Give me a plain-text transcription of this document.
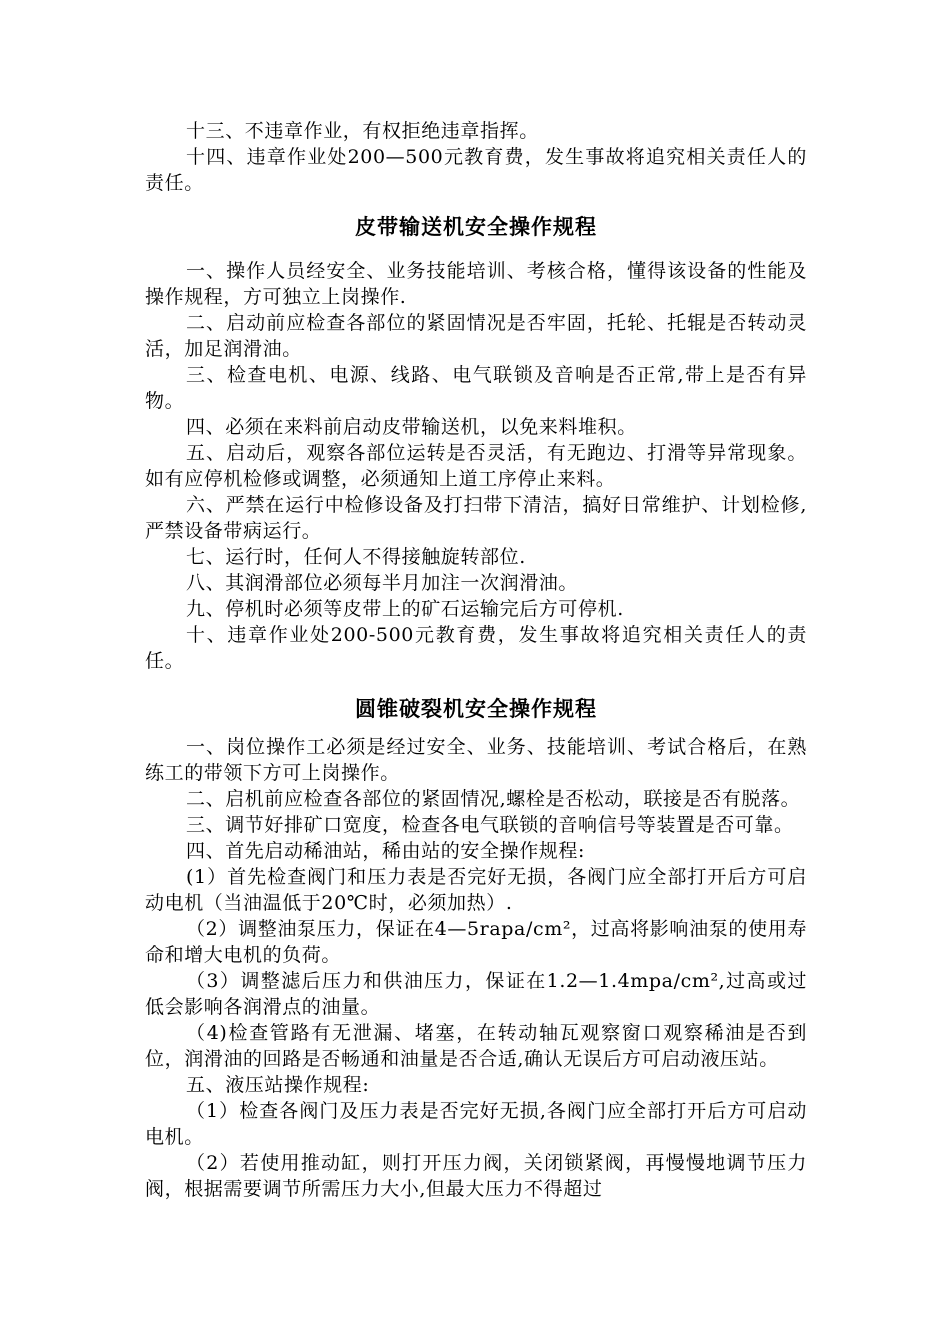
十三、不违章作业，有权拒绝违章指挥。

十四、违章作业处200—500元教育费，发生事故将追究相关责任人的责任。

皮带输送机安全操作规程

一、操作人员经安全、业务技能培训、考核合格，懂得该设备的性能及操作规程，方可独立上岗操作.

二、启动前应检查各部位的紧固情况是否牢固，托轮、托辊是否转动灵活，加足润滑油。

三、检查电机、电源、线路、电气联锁及音响是否正常,带上是否有异物。

四、必须在来料前启动皮带输送机，以免来料堆积。

五、启动后，观察各部位运转是否灵活，有无跑边、打滑等异常现象。如有应停机检修或调整，必须通知上道工序停止来料。

六、严禁在运行中检修设备及打扫带下清洁，搞好日常维护、计划检修,严禁设备带病运行。

七、运行时，任何人不得接触旋转部位.

八、其润滑部位必须每半月加注一次润滑油。

九、停机时必须等皮带上的矿石运输完后方可停机.

十、违章作业处200-500元教育费，发生事故将追究相关责任人的责任。

圆锥破裂机安全操作规程

一、岗位操作工必须是经过安全、业务、技能培训、考试合格后，在熟练工的带领下方可上岗操作。

二、启机前应检查各部位的紧固情况,螺栓是否松动，联接是否有脱落。

三、调节好排矿口宽度，检查各电气联锁的音响信号等装置是否可靠。

四、首先启动稀油站，稀由站的安全操作规程:

(1）首先检查阀门和压力表是否完好无损，各阀门应全部打开后方可启动电机（当油温低于20℃时，必须加热）.

（2）调整油泵压力，保证在4—5rapa/cm²，过高将影响油泵的使用寿命和增大电机的负荷。

（3）调整滤后压力和供油压力，保证在1.2—1.4mpa/cm²,过高或过低会影响各润滑点的油量。

（4)检查管路有无泄漏、堵塞，在转动轴瓦观察窗口观察稀油是否到位，润滑油的回路是否畅通和油量是否合适,确认无误后方可启动液压站。

五、液压站操作规程:

（1）检查各阀门及压力表是否完好无损,各阀门应全部打开后方可启动电机。

（2）若使用推动缸，则打开压力阀，关闭锁紧阀，再慢慢地调节压力阀，根据需要调节所需压力大小,但最大压力不得超过
